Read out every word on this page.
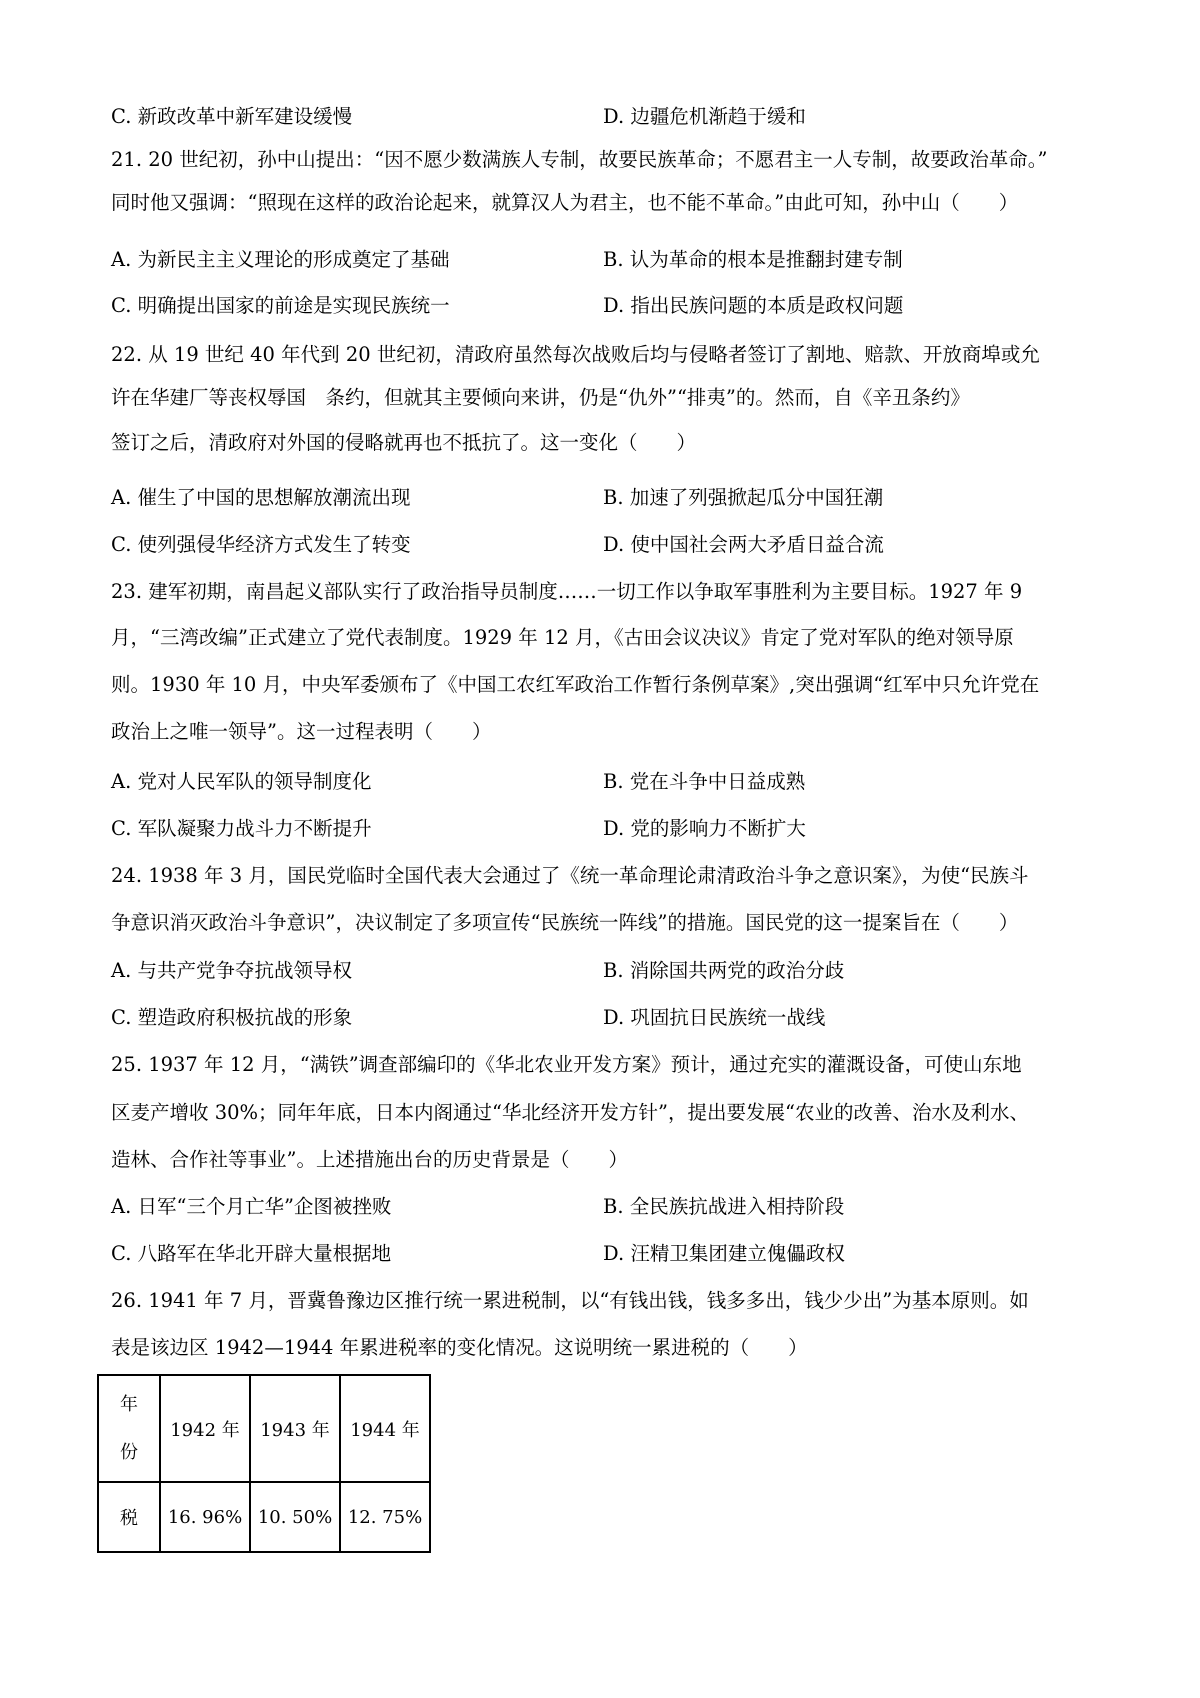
C. 新政改革中新军建设缓慢	D. 边疆危机渐趋于缓和
21. 20 世纪初，孙中山提出：“因不愿少数满族人专制，故要民族革命；不愿君主一人专制，故要政治革命。”
同时他又强调：“照现在这样的政治论起来，就算汉人为君主，也不能不革命。”由此可知，孙中山（　　）
A. 为新民主主义理论的形成奠定了基础	B. 认为革命的根本是推翻封建专制
C. 明确提出国家的前途是实现民族统一	D. 指出民族问题的本质是政权问题
22. 从 19 世纪 40 年代到 20 世纪初，清政府虽然每次战败后均与侵略者签订了割地、赔款、开放商埠或允
许在华建厂等丧权辱国　条约，但就其主要倾向来讲，仍是“仇外”“排夷”的。然而，自《辛丑条约》
签订之后，清政府对外国的侵略就再也不抵抗了。这一变化（　　）
A. 催生了中国的思想解放潮流出现	B. 加速了列强掀起瓜分中国狂潮
C. 使列强侵华经济方式发生了转变	D. 使中国社会两大矛盾日益合流
23. 建军初期，南昌起义部队实行了政治指导员制度……一切工作以争取军事胜利为主要目标。1927 年 9
月，“三湾改编”正式建立了党代表制度。1929 年 12 月，《古田会议决议》肯定了党对军队的绝对领导原
则。1930 年 10 月，中央军委颁布了《中国工农红军政治工作暂行条例草案》,突出强调“红军中只允许党在
政治上之唯一领导”。这一过程表明（　　）
A. 党对人民军队的领导制度化	B. 党在斗争中日益成熟
C. 军队凝聚力战斗力不断提升	D. 党的影响力不断扩大
24. 1938 年 3 月，国民党临时全国代表大会通过了《统一革命理论肃清政治斗争之意识案》，为使“民族斗
争意识消灭政治斗争意识”，决议制定了多项宣传“民族统一阵线”的措施。国民党的这一提案旨在（　　）
A. 与共产党争夺抗战领导权	B. 消除国共两党的政治分歧
C. 塑造政府积极抗战的形象	D. 巩固抗日民族统一战线
25. 1937 年 12 月，“满铁”调查部编印的《华北农业开发方案》预计，通过充实的灌溉设备，可使山东地
区麦产增收 30%；同年年底，日本内阁通过“华北经济开发方针”，提出要发展“农业的改善、治水及利水、
造林、合作社等事业”。上述措施出台的历史背景是（　　）
A. 日军“三个月亡华”企图被挫败	B. 全民族抗战进入相持阶段
C. 八路军在华北开辟大量根据地	D. 汪精卫集团建立傀儡政权
26. 1941 年 7 月，晋冀鲁豫边区推行统一累进税制，以“有钱出钱，钱多多出，钱少少出”为基本原则。如
表是该边区 1942—1944 年累进税率的变化情况。这说明统一累进税的（　　）
年
份	1942 年	1943 年	1944 年
税	16. 96%	10. 50%	12. 75%
